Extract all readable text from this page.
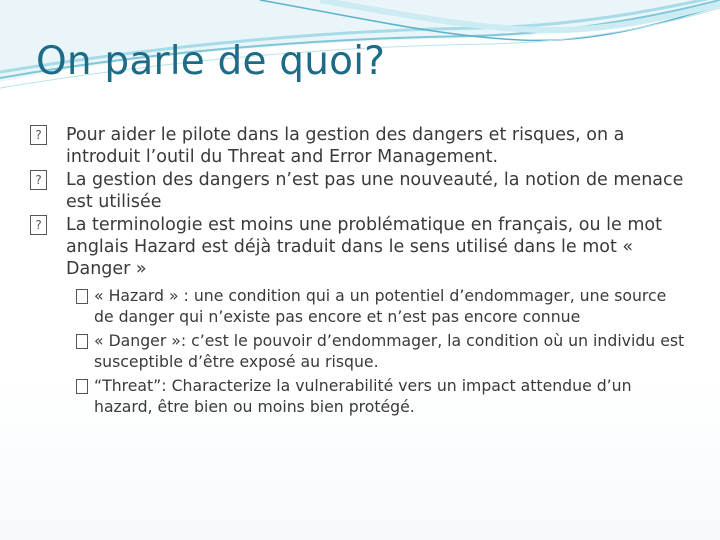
On parle de quoi?
?	Pour aider le pilote dans la gestion des dangers et risques, on a introduit l’outil du Threat and Error Management.
?	La gestion des dangers n’est pas une nouveauté, la notion de menace est utilisée
?	La terminologie est moins une problématique en français, ou le mot anglais Hazard est déjà traduit dans le sens utilisé dans le mot « Danger »
« Hazard » : une condition qui a un potentiel d’endommager, une source de danger qui n’existe pas encore et n’est pas encore connue
« Danger »: c’est le pouvoir d’endommager, la condition où un individu est susceptible d’être exposé au risque.
“Threat”: Characterize la vulnerabilité vers un impact attendue d’un hazard, être bien ou moins bien protégé.
